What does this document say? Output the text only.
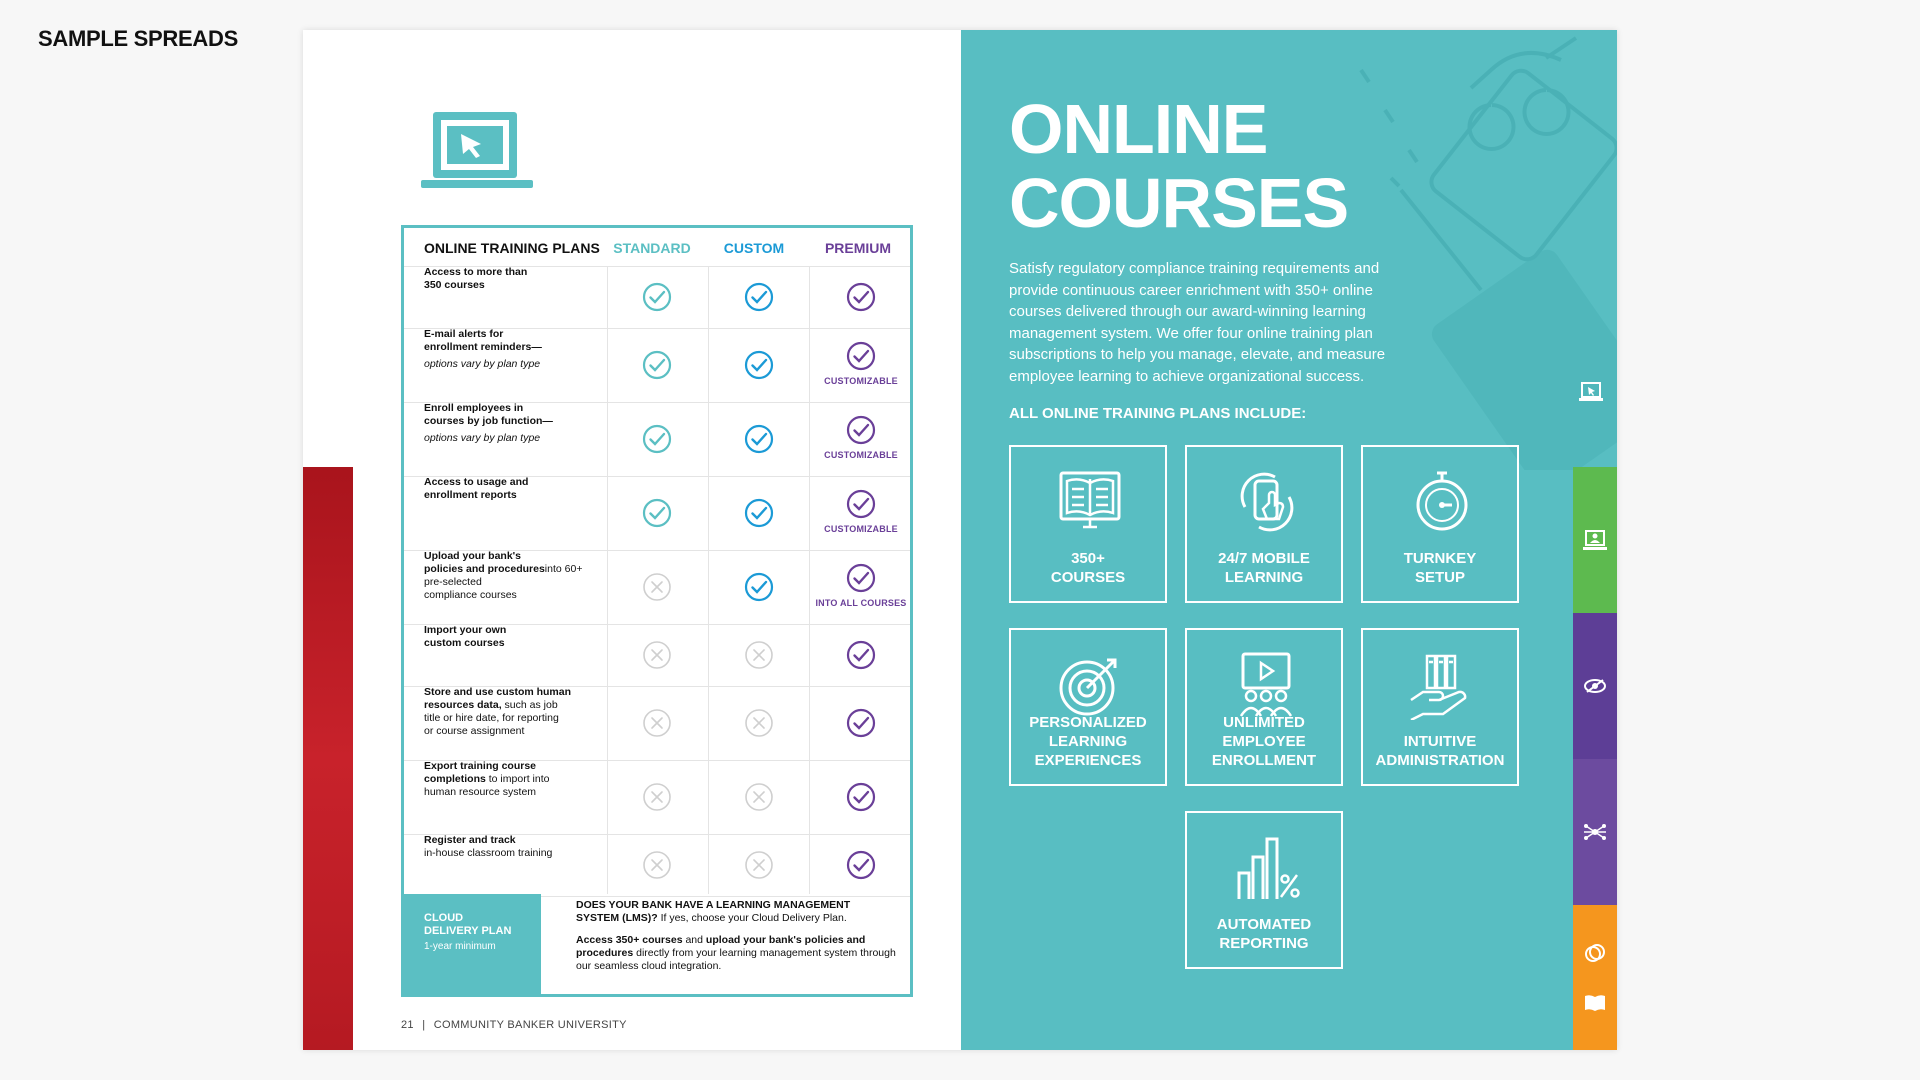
SAMPLE SPREADS
ONLINE TRAINING PLANS STANDARD	CUSTOM	PREMIUM
Access to more than
350 courses
E-mail alerts for
enrollment reminders—
options vary by plan type
CUSTOMIZABLE
Enroll employees in
courses by job function—
options vary by plan type
CUSTOMIZABLE
Access to usage and
enrollment reports
CUSTOMIZABLE
Upload your bank's
policies and proceduresinto 60+ pre-selected
compliance courses
INTO ALL COURSES
Import your own
custom courses
Store and use custom human
resources data, such as job
title or hire date, for reporting
or course assignment
Export training course
completions to import into
human resource system
Register and track
in-house classroom training
CLOUD
DELIVERY PLAN
1-year minimum

DOES YOUR BANK HAVE A LEARNING MANAGEMENT SYSTEM (LMS)? If yes, choose your Cloud Delivery Plan.

Access 350+ courses and upload your bank's policies and procedures directly from your learning management system through our seamless cloud integration.

21 | COMMUNITY BANKER UNIVERSITY
ONLINE
COURSES
Satisfy regulatory compliance training requirements and provide continuous career enrichment with 350+ online courses delivered through our award-winning learning management system. We offer four online training plan subscriptions to help you manage, elevate, and measure employee learning to achieve organizational success.
ALL ONLINE TRAINING PLANS INCLUDE:
350+
COURSES
24/7 MOBILE
LEARNING
TURNKEY
SETUP
PERSONALIZED
LEARNING
EXPERIENCES
UNLIMITED
EMPLOYEE
ENROLLMENT
INTUITIVE
ADMINISTRATION
AUTOMATED
REPORTING
